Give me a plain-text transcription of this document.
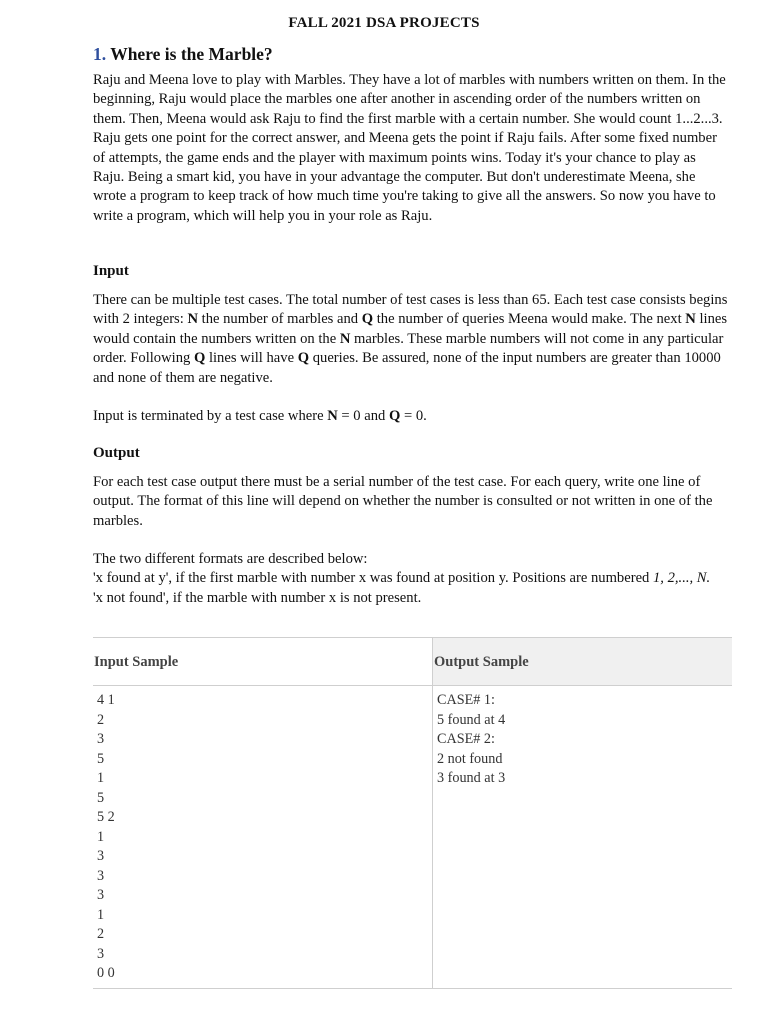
FALL 2021 DSA PROJECTS
1. Where is the Marble?

Raju and Meena love to play with Marbles. They have a lot of marbles with numbers written on them. In the beginning, Raju would place the marbles one after another in ascending order of the numbers written on them. Then, Meena would ask Raju to find the first marble with a certain number. She would count 1...2...3. Raju gets one point for the correct answer, and Meena gets the point if Raju fails. After some fixed number of attempts, the game ends and the player with maximum points wins. Today it's your chance to play as Raju. Being a smart kid, you have in your advantage the computer. But don't underestimate Meena, she wrote a program to keep track of how much time you're taking to give all the answers. So now you have to write a program, which will help you in your role as Raju.

Input

There can be multiple test cases. The total number of test cases is less than 65. Each test case consists begins with 2 integers: N the number of marbles and Q the number of queries Meena would make. The next N lines would contain the numbers written on the N marbles. These marble numbers will not come in any particular order. Following Q lines will have Q queries. Be assured, none of the input numbers are greater than 10000 and none of them are negative.

Input is terminated by a test case where N = 0 and Q = 0.

Output

For each test case output there must be a serial number of the test case. For each query, write one line of output. The format of this line will depend on whether the number is consulted or not written in one of the marbles.

The two different formats are described below:
'x found at y', if the first marble with number x was found at position y. Positions are numbered 1, 2,..., N.
'x not found', if the marble with number x is not present.

Input Sample
4 1
2
3
5
1
5
5 2
1
3
3
3
1
2
3
0 0
Output Sample
CASE# 1:
5 found at 4
CASE# 2:
2 not found
3 found at 3
